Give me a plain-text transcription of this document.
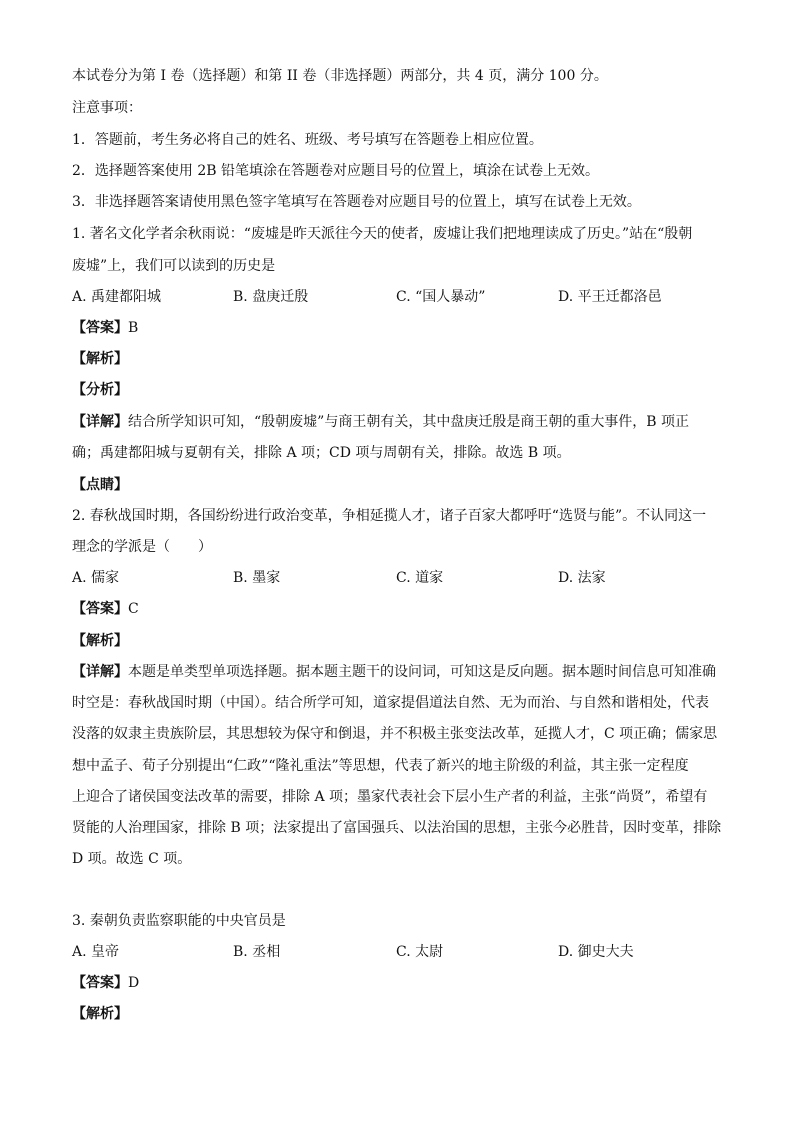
本试卷分为第 I 卷（选择题）和第 II 卷（非选择题）两部分，共 4 页，满分 100 分。
注意事项：
1．答题前，考生务必将自己的姓名、班级、考号填写在答题卷上相应位置。
2．选择题答案使用 2B 铅笔填涂在答题卷对应题目号的位置上，填涂在试卷上无效。
3．非选择题答案请使用黑色签字笔填写在答题卷对应题目号的位置上，填写在试卷上无效。
1. 著名文化学者余秋雨说：“废墟是昨天派往今天的使者，废墟让我们把地理读成了历史。”站在“殷朝
废墟”上，我们可以读到的历史是
A. 禹建都阳城	B. 盘庚迁殷	C. “国人暴动”	D. 平王迁都洛邑
【答案】B
【解析】
【分析】
【详解】结合所学知识可知，“殷朝废墟”与商王朝有关，其中盘庚迁殷是商王朝的重大事件，B 项正
确；禹建都阳城与夏朝有关，排除 A 项；CD 项与周朝有关，排除。故选 B 项。
【点睛】
2. 春秋战国时期，各国纷纷进行政治变革，争相延揽人才，诸子百家大都呼吁“选贤与能”。不认同这一
理念的学派是（　　）
A. 儒家	B. 墨家	C. 道家	D. 法家
【答案】C
【解析】
【详解】本题是单类型单项选择题。据本题主题干的设问词，可知这是反向题。据本题时间信息可知准确
时空是：春秋战国时期（中国）。结合所学可知，道家提倡道法自然、无为而治、与自然和谐相处，代表
没落的奴隶主贵族阶层，其思想较为保守和倒退，并不积极主张变法改革，延揽人才，C 项正确；儒家思
想中孟子、荀子分别提出“仁政”“隆礼重法”等思想，代表了新兴的地主阶级的利益，其主张一定程度
上迎合了诸侯国变法改革的需要，排除 A 项；墨家代表社会下层小生产者的利益，主张“尚贤”，希望有
贤能的人治理国家，排除 B 项；法家提出了富国强兵、以法治国的思想，主张今必胜昔，因时变革，排除
D 项。故选 C 项。
3. 秦朝负责监察职能的中央官员是
A. 皇帝	B. 丞相	C. 太尉	D. 御史大夫
【答案】D
【解析】
